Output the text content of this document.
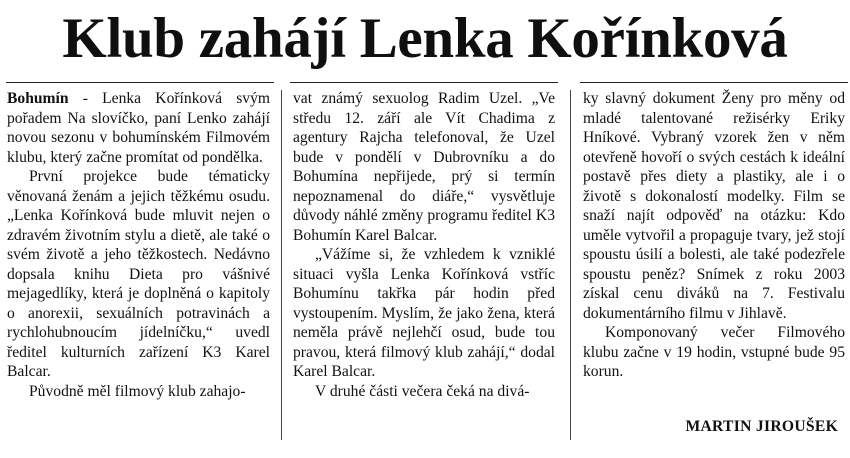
Klub zahájí Lenka Kořínková

Bohumín - Lenka Kořínková svým pořadem Na slovíčko, paní Lenko zahájí novou sezonu v bohumínském Filmovém klubu, který začne promítat od pondělka.

První projekce bude tématicky věnovaná ženám a jejich těžkému osudu. „Lenka Kořínková bude mluvit nejen o zdravém životním stylu a dietě, ale také o svém životě a jeho těžkostech. Nedávno dopsala knihu Dieta pro vášnivé mejagedlíky, která je doplněná o kapitoly o anorexii, sexuálních potravinách a rychlohubnoucím jídelníčku,“ uvedl ředitel kulturních zařízení K3 Karel Balcar.

Původně měl filmový klub zahajo-

vat známý sexuolog Radim Uzel. „Ve středu 12. září ale Vít Chadima z agentury Rajcha telefonoval, že Uzel bude v pondělí v Dubrovníku a do Bohumína nepřijede, prý si termín nepoznamenal do diáře,“ vysvětluje důvody náhlé změny programu ředitel K3 Bohumín Karel Balcar.

„Vážíme si, že vzhledem k vzniklé situaci vyšla Lenka Kořínková vstříc Bohumínu takřka pár hodin před vystoupením. Myslím, že jako žena, která neměla právě nejlehčí osud, bude tou pravou, která filmový klub zahájí,“ dodal Karel Balcar.

V druhé části večera čeká na divá-

ky slavný dokument Ženy pro měny od mladé talentované režisérky Eriky Hníkové. Vybraný vzorek žen v něm otevřeně hovoří o svých cestách k ideální postavě přes diety a plastiky, ale i o životě s dokonalostí modelky. Film se snaží najít odpověď na otázku: Kdo uměle vytvořil a propaguje tvary, jež stojí spoustu úsilí a bolesti, ale také podezřele spoustu peněz? Snímek z roku 2003 získal cenu diváků na 7. Festivalu dokumentárního filmu v Jihlavě.

Komponovaný večer Filmového klubu začne v 19 hodin, vstupné bude 95 korun.

MARTIN JIROUŠEK
